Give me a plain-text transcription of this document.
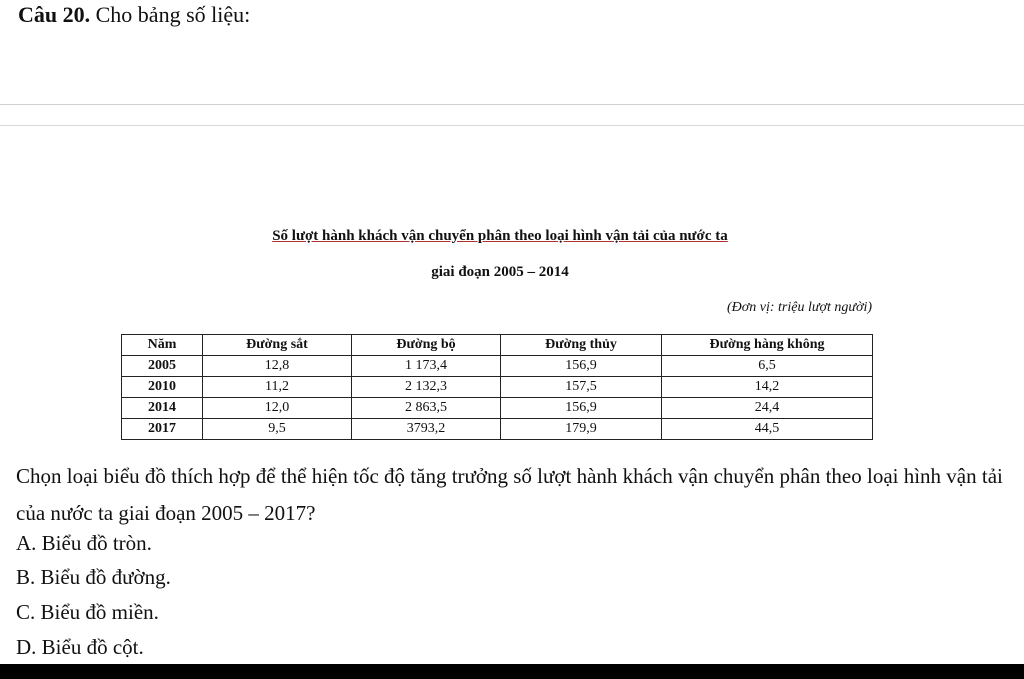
Câu 20. Cho bảng số liệu:
Số lượt hành khách vận chuyển phân theo loại hình vận tải của nước ta
giai đoạn 2005 – 2014
(Đơn vị: triệu lượt người)
Năm	Đường sắt	Đường bộ	Đường thủy	Đường hàng không
2005	12,8	1 173,4	156,9	6,5
2010	11,2	2 132,3	157,5	14,2
2014	12,0	2 863,5	156,9	24,4
2017	9,5	3793,2	179,9	44,5
Chọn loại biểu đồ thích hợp để thể hiện tốc độ tăng trưởng số lượt hành khách vận chuyển phân theo loại hình vận tải của nước ta giai đoạn 2005 – 2017?
A. Biểu đồ tròn.
B. Biểu đồ đường.
C. Biểu đồ miền.
D. Biểu đồ cột.
